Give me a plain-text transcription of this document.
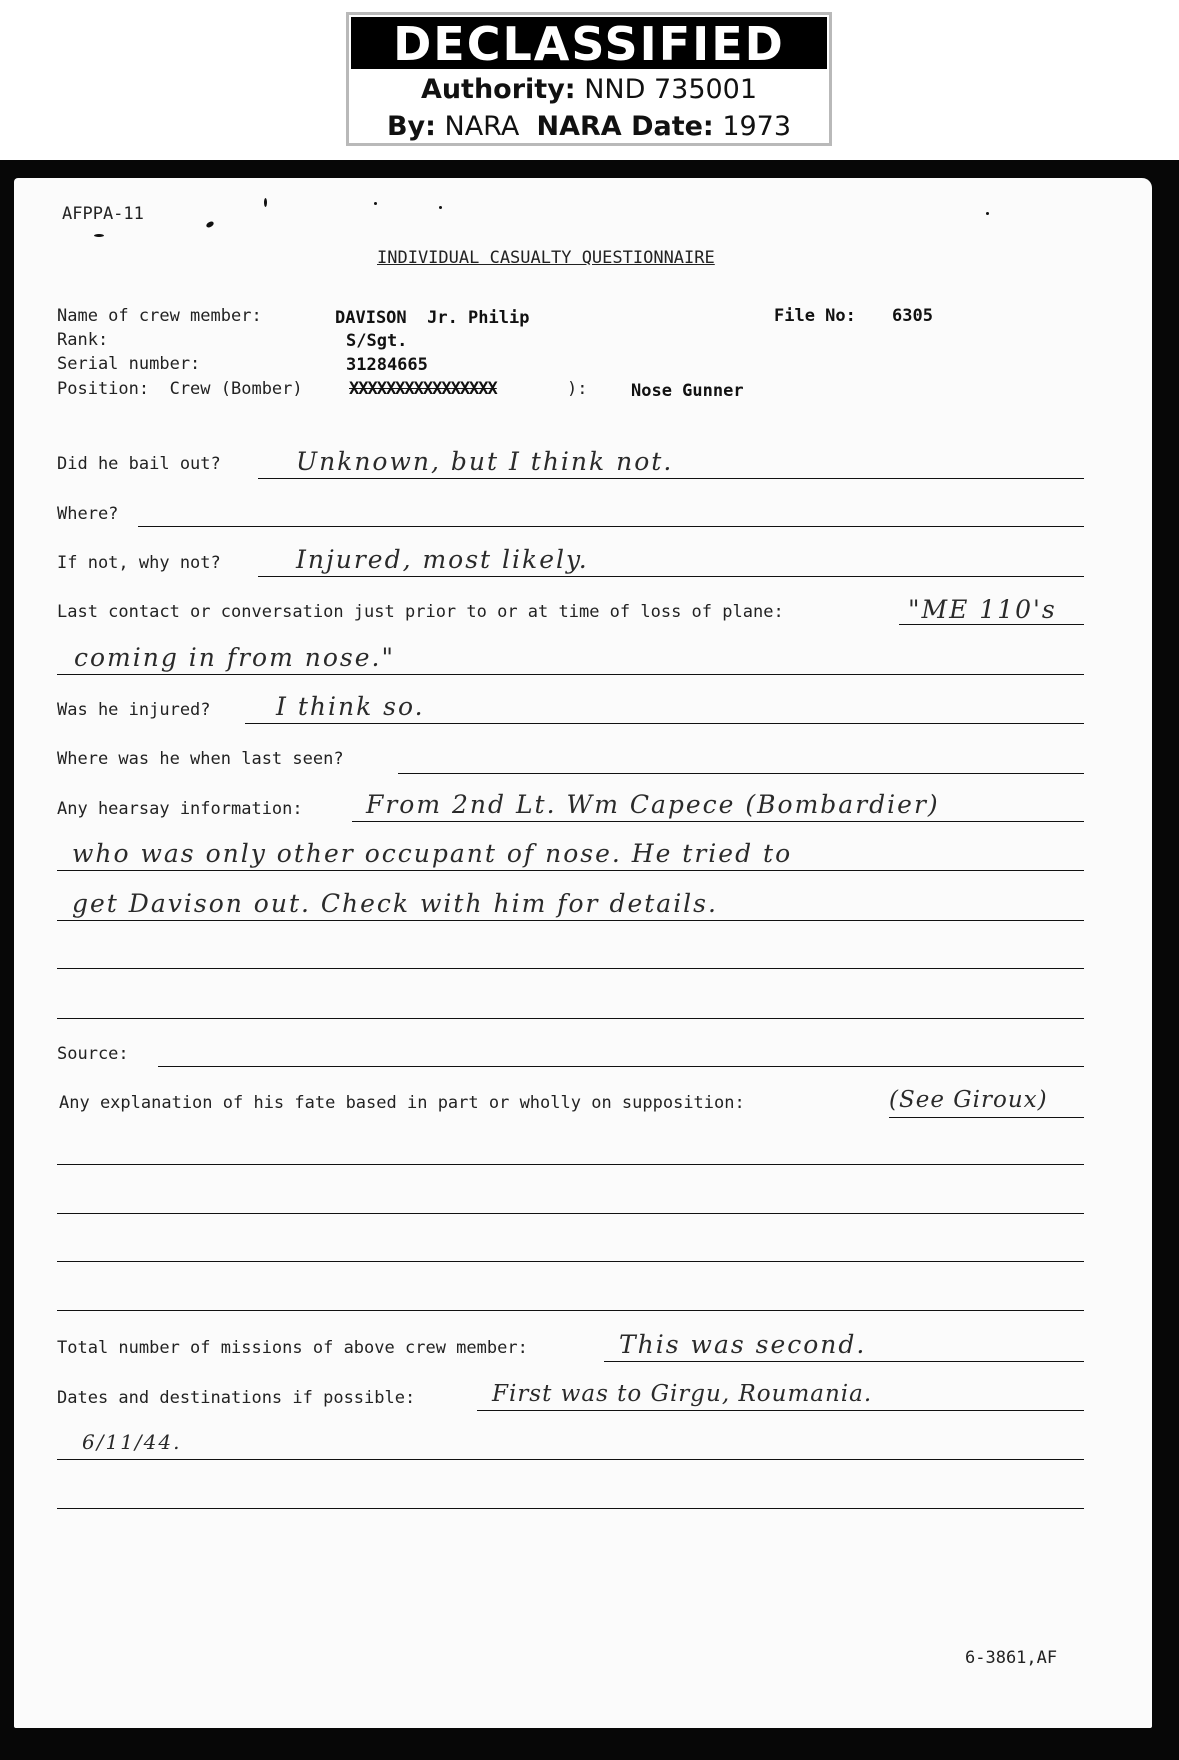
DECLASSIFIED
Authority: NND 735001
By: NARA NARA Date: 1973
AFPPA-11
INDIVIDUAL CASUALTY QUESTIONNAIRE
Name of crew member:	DAVISON  Jr. Philip	File No: 6305
Rank:	S/Sgt.
Serial number:	31284665
Position:  Crew (Bomber)	XXXXXXXXXXXXXXXX	):	Nose Gunner
Did he bail out?	Unknown, but I think not.
Where?
If not, why not?	Injured, most likely.
Last contact or conversation just prior to or at time of loss of plane:	"ME 110's
coming in from nose."
Was he injured?	I think so.
Where was he when last seen?
Any hearsay information:	From 2nd Lt. Wm Capece (Bombardier)
who was only other occupant of nose. He tried to
get Davison out. Check with him for details.
Source:
Any explanation of his fate based in part or wholly on supposition:	(See Giroux)
Total number of missions of above crew member:	This was second.
Dates and destinations if possible:	First was to Girgu, Roumania.
6/11/44.
6-3861,AF
